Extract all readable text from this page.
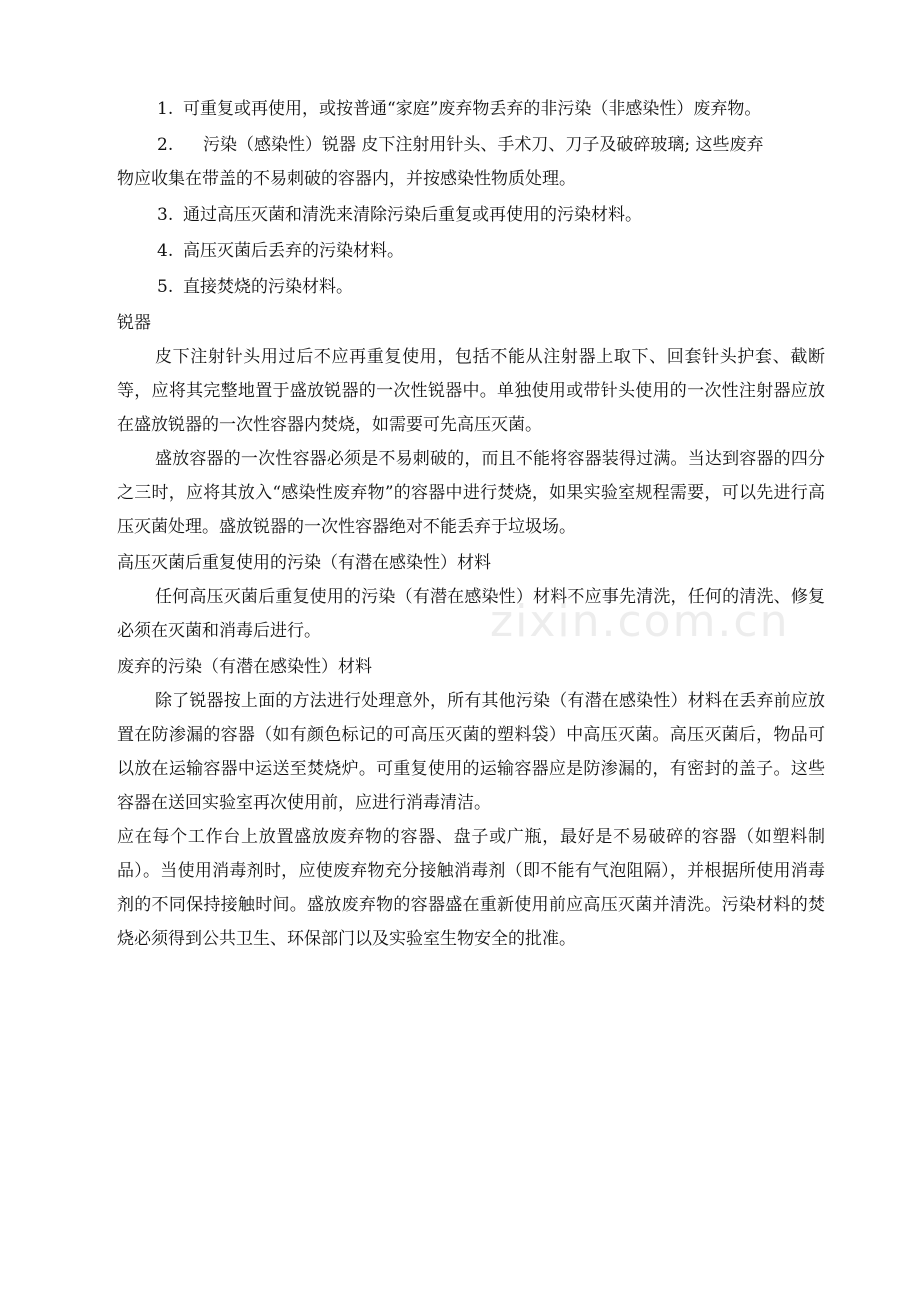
zixin.com.cn

1. 可重复或再使用，或按普通“家庭”废弃物丢弃的非污染（非感染性）废弃物。

2. 污染（感染性）锐器 皮下注射用针头、手术刀、刀子及破碎玻璃; 这些废弃

物应收集在带盖的不易刺破的容器内，并按感染性物质处理。

3. 通过高压灭菌和清洗来清除污染后重复或再使用的污染材料。

4. 高压灭菌后丢弃的污染材料。

5. 直接焚烧的污染材料。

锐器

皮下注射针头用过后不应再重复使用，包括不能从注射器上取下、回套针头护套、截断等，应将其完整地置于盛放锐器的一次性锐器中。单独使用或带针头使用的一次性注射器应放在盛放锐器的一次性容器内焚烧，如需要可先高压灭菌。

盛放容器的一次性容器必须是不易刺破的，而且不能将容器装得过满。当达到容器的四分之三时，应将其放入“感染性废弃物”的容器中进行焚烧，如果实验室规程需要，可以先进行高压灭菌处理。盛放锐器的一次性容器绝对不能丢弃于垃圾场。

高压灭菌后重复使用的污染（有潜在感染性）材料

任何高压灭菌后重复使用的污染（有潜在感染性）材料不应事先清洗，任何的清洗、修复必须在灭菌和消毒后进行。

废弃的污染（有潜在感染性）材料

除了锐器按上面的方法进行处理意外，所有其他污染（有潜在感染性）材料在丢弃前应放置在防渗漏的容器（如有颜色标记的可高压灭菌的塑料袋）中高压灭菌。高压灭菌后，物品可以放在运输容器中运送至焚烧炉。可重复使用的运输容器应是防渗漏的，有密封的盖子。这些容器在送回实验室再次使用前，应进行消毒清洁。

应在每个工作台上放置盛放废弃物的容器、盘子或广瓶，最好是不易破碎的容器（如塑料制品）。当使用消毒剂时，应使废弃物充分接触消毒剂（即不能有气泡阻隔），并根据所使用消毒剂的不同保持接触时间。盛放废弃物的容器盛在重新使用前应高压灭菌并清洗。污染材料的焚烧必须得到公共卫生、环保部门以及实验室生物安全的批准。
